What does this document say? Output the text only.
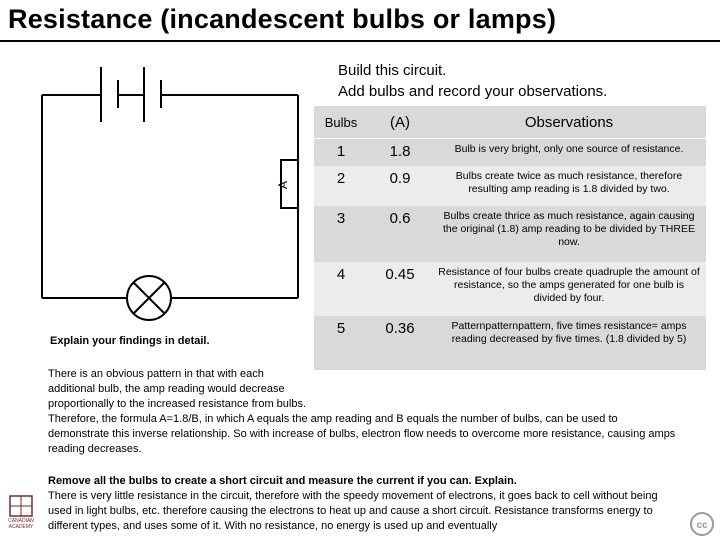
Resistance (incandescent bulbs or lamps)
Build this circuit.
Add bulbs and record your observations.
A
Bulbs	(A)	Observations
1	1.8	Bulb is very bright, only one source of resistance.
2	0.9	Bulbs create twice as much resistance, therefore resulting amp reading is 1.8 divided by two.
3	0.6	Bulbs create thrice as much resistance, again causing the original (1.8) amp reading to be divided by THREE now.
4	0.45	Resistance of four bulbs create quadruple the amount of resistance, so the amps generated for one bulb is divided by four.
5	0.36	Patternpatternpattern, five times resistance= amps reading decreased by five times. (1.8 divided by 5)
Explain your findings in detail.

There is an obvious pattern in that with each

additional bulb, the amp reading would decrease

proportionally to the increased resistance from bulbs.

Therefore, the formula A=1.8/B, in which A equals the amp reading and B equals the number of bulbs, can be used to demonstrate this inverse relationship. So with increase of bulbs, electron flow needs to overcome more resistance, causing amps reading decreases.

Remove all the bulbs to create a short circuit and measure the current if you can. Explain.
There is very little resistance in the circuit, therefore with the speedy movement of electrons, it goes back to cell without being used in light bulbs, etc. therefore causing the electrons to heat up and cause a short circuit. Resistance transforms energy to different types, and uses some of it. With no resistance, no energy is used up and eventually
CANADIAN
ACADEMY	cc
